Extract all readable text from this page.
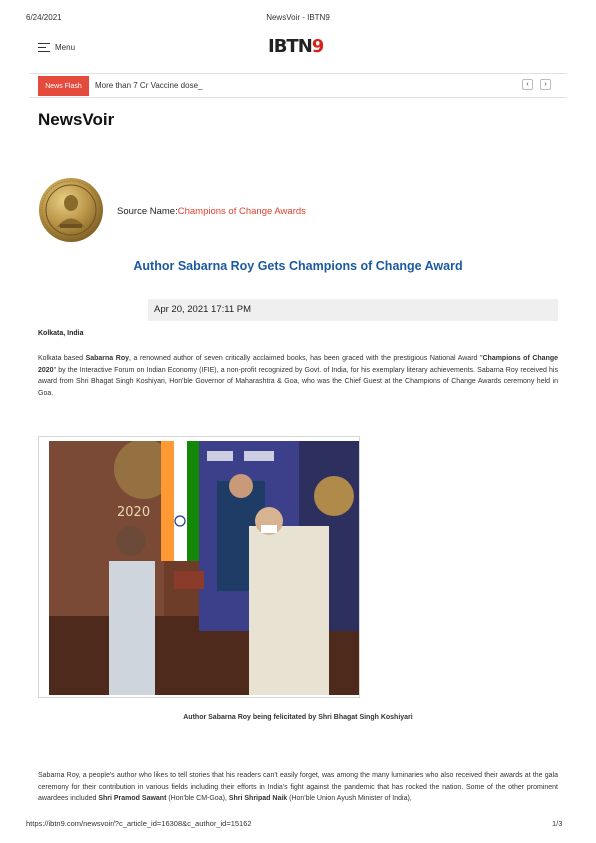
6/24/2021	NewsVoir - IBTN9
Menu	IBTN9
News Flash	More than 7 Cr Vaccine dose_	‹ ›
NewsVoir
Source Name:Champions of Change Awards
Author Sabarna Roy Gets Champions of Change Award
Apr 20, 2021 17:11 PM
Kolkata, India
Kolkata based Sabarna Roy, a renowned author of seven critically acclaimed books, has been graced with the prestigious National Award "Champions of Change 2020" by the Interactive Forum on Indian Economy (IFIE), a non-profit recognized by Govt. of India, for his exemplary literary achievements. Sabarna Roy received his award from Shri Bhagat Singh Koshiyari, Hon'ble Governor of Maharashtra & Goa, who was the Chief Guest at the Champions of Change Awards ceremony held in Goa.
2020
Author Sabarna Roy being felicitated by Shri Bhagat Singh Koshiyari
Sabarna Roy, a people's author who likes to tell stories that his readers can't easily forget, was among the many luminaries who also received their awards at the gala ceremony for their contribution in various fields including their efforts in India's fight against the pandemic that has rocked the nation. Some of the other prominent awardees included Shri Pramod Sawant (Hon'ble CM-Goa), Shri Shripad Naik (Hon'ble Union Ayush Minister of India),
https://ibtn9.com/newsvoir/?c_article_id=16308&c_author_id=15162	1/3
